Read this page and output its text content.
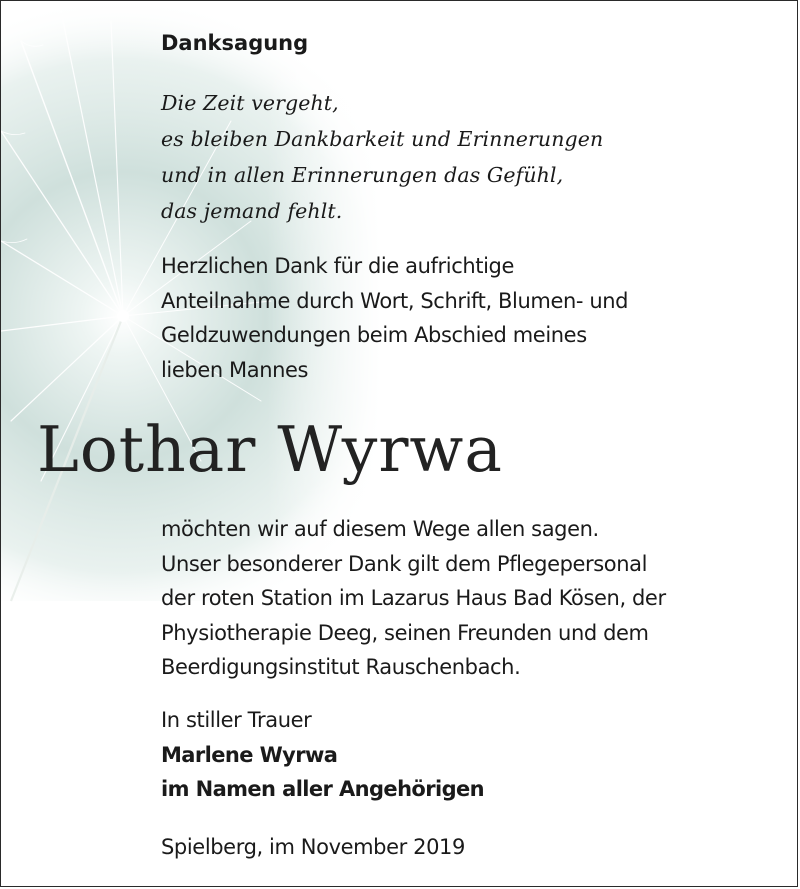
Danksagung
Die Zeit vergeht,
es bleiben Dankbarkeit und Erinnerungen
und in allen Erinnerungen das Gefühl,
das jemand fehlt.
Herzlichen Dank für die aufrichtige
Anteilnahme durch Wort, Schrift, Blumen- und
Geldzuwendungen beim Abschied meines
lieben Mannes
Lothar Wyrwa
möchten wir auf diesem Wege allen sagen.
Unser besonderer Dank gilt dem Pflegepersonal
der roten Station im Lazarus Haus Bad Kösen, der
Physiotherapie Deeg, seinen Freunden und dem
Beerdigungsinstitut Rauschenbach.
In stiller Trauer
Marlene Wyrwa
im Namen aller Angehörigen
Spielberg, im November 2019
